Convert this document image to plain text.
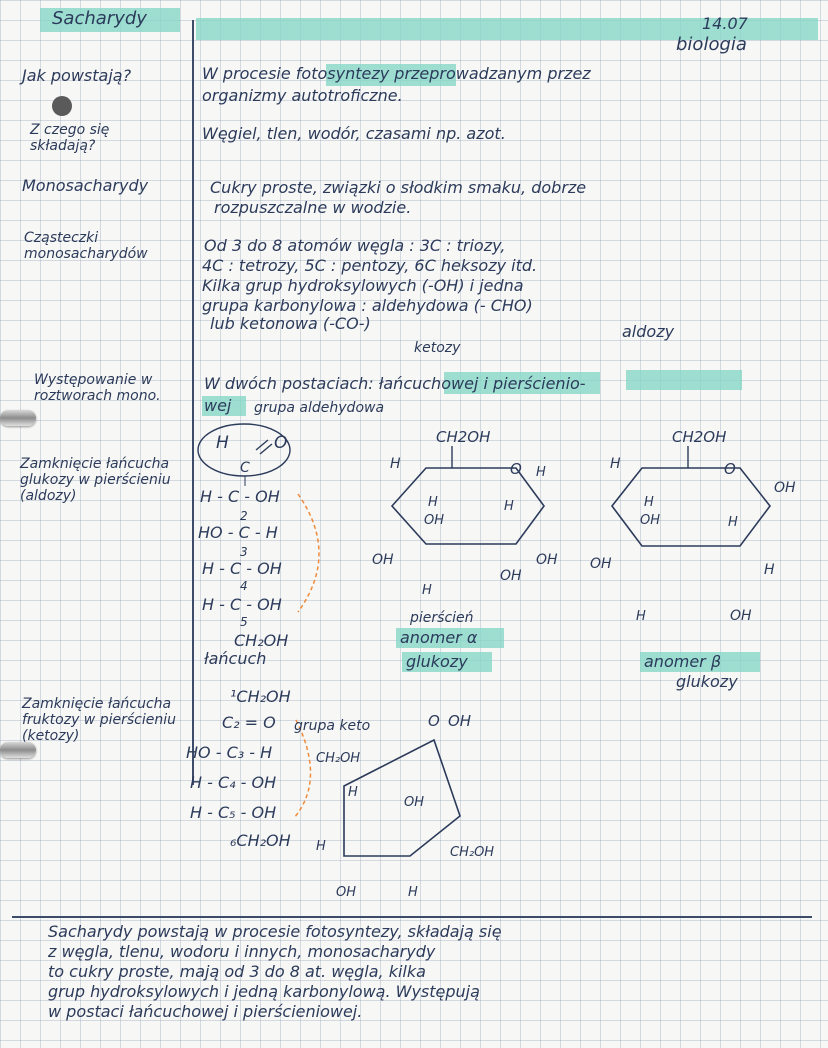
Sacharydy	14.07
biologia
Jak powstają?	W procesie fotosyntezy przeprowadzanym przez
organizmy autotroficzne.
Z czego się składają?
Węgiel, tlen, wodór, czasami np. azot.
Monosacharydy	Cukry proste, związki o słodkim smaku, dobrze
rozpuszczalne w wodzie.
Cząsteczki monosacharydów	Od 3 do 8 atomów węgla : 3C : triozy,
4C : tetrozy, 5C : pentozy, 6C heksozy itd.
Kilka grup hydroksylowych (-OH) i jedna
grupa karbonylowa : aldehydowa (- CHO)
lub ketonowa (-CO-)	aldozy
ketozy
Występowanie w roztworach mono.
W dwóch postaciach: łańcuchowej i pierścienio-
wej grupa aldehydowa
Zamknięcie łańcucha glukozy w pierścieniu (aldozy)
H	O
C
H - C - OH
2
HO - C - H
3
H - C - OH
4
H - C - OH
5
CH₂OH
łańcuch
CH2OH
O
H
H
OH
H
H
OH	OH
OH
H
pierścień
anomer α
glukozy
CH2OH
O
H
H
OH	H
OH
H
OH
H	OH
anomer β
glukozy
Zamknięcie łańcucha fruktozy w pierścieniu (ketozy)
¹CH₂OH
C₂ = O
HO - C₃ - H
H - C₄ - OH
H - C₅ - OH
₆CH₂OH
grupa keto	O OH
CH₂OH
H
OH
H	CH₂OH
OH	H
Sacharydy powstają w procesie fotosyntezy, składają się
z węgla, tlenu, wodoru i innych, monosacharydy
to cukry proste, mają od 3 do 8 at. węgla, kilka
grup hydroksylowych i jedną karbonylową. Występują
w postaci łańcuchowej i pierścieniowej.
